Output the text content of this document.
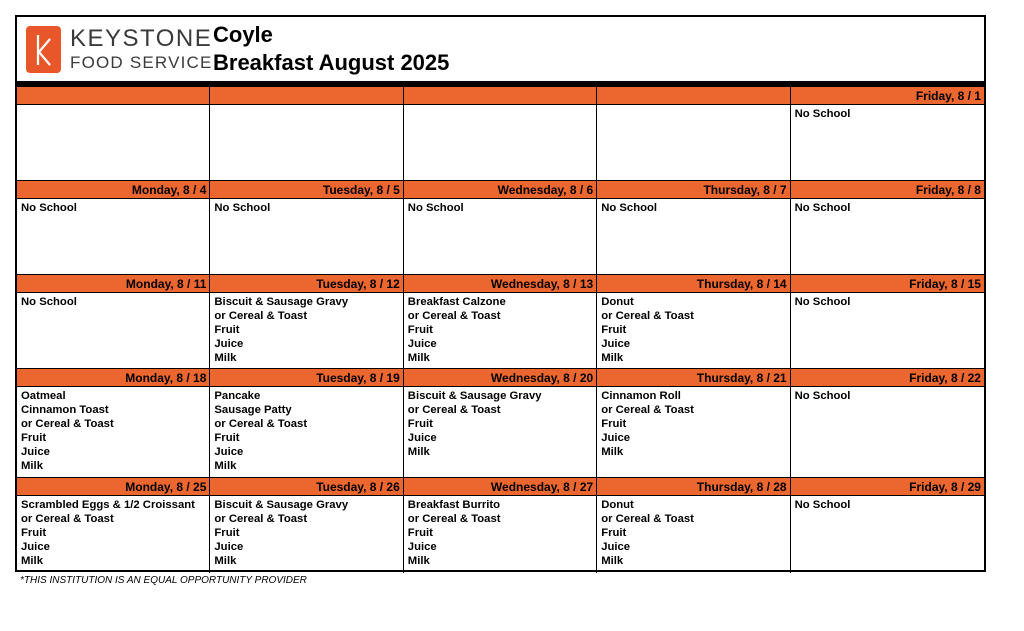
KEYSTONE
FOOD SERVICE
Coyle
Breakfast August 2025
Friday, 8 / 1
No School
Monday, 8 / 4
No School
Tuesday, 8 / 5
No School
Wednesday, 8 / 6
No School
Thursday, 8 / 7
No School
Friday, 8 / 8
No School
Monday, 8 / 11
No School
Tuesday, 8 / 12
Biscuit & Sausage Gravy
or Cereal & Toast
Fruit
Juice
Milk
Wednesday, 8 / 13
Breakfast Calzone
or Cereal & Toast
Fruit
Juice
Milk
Thursday, 8 / 14
Donut
or Cereal & Toast
Fruit
Juice
Milk
Friday, 8 / 15
No School
Monday, 8 / 18
Oatmeal
Cinnamon Toast
or Cereal & Toast
Fruit
Juice
Milk
Tuesday, 8 / 19
Pancake
Sausage Patty
or Cereal & Toast
Fruit
Juice
Milk
Wednesday, 8 / 20
Biscuit & Sausage Gravy
or Cereal & Toast
Fruit
Juice
Milk
Thursday, 8 / 21
Cinnamon Roll
or Cereal & Toast
Fruit
Juice
Milk
Friday, 8 / 22
No School
Monday, 8 / 25
Scrambled Eggs & 1/2 Croissant
or Cereal & Toast
Fruit
Juice
Milk
Tuesday, 8 / 26
Biscuit & Sausage Gravy
or Cereal & Toast
Fruit
Juice
Milk
Wednesday, 8 / 27
Breakfast Burrito
or Cereal & Toast
Fruit
Juice
Milk
Thursday, 8 / 28
Donut
or Cereal & Toast
Fruit
Juice
Milk
Friday, 8 / 29
No School
*THIS INSTITUTION IS AN EQUAL OPPORTUNITY PROVIDER
